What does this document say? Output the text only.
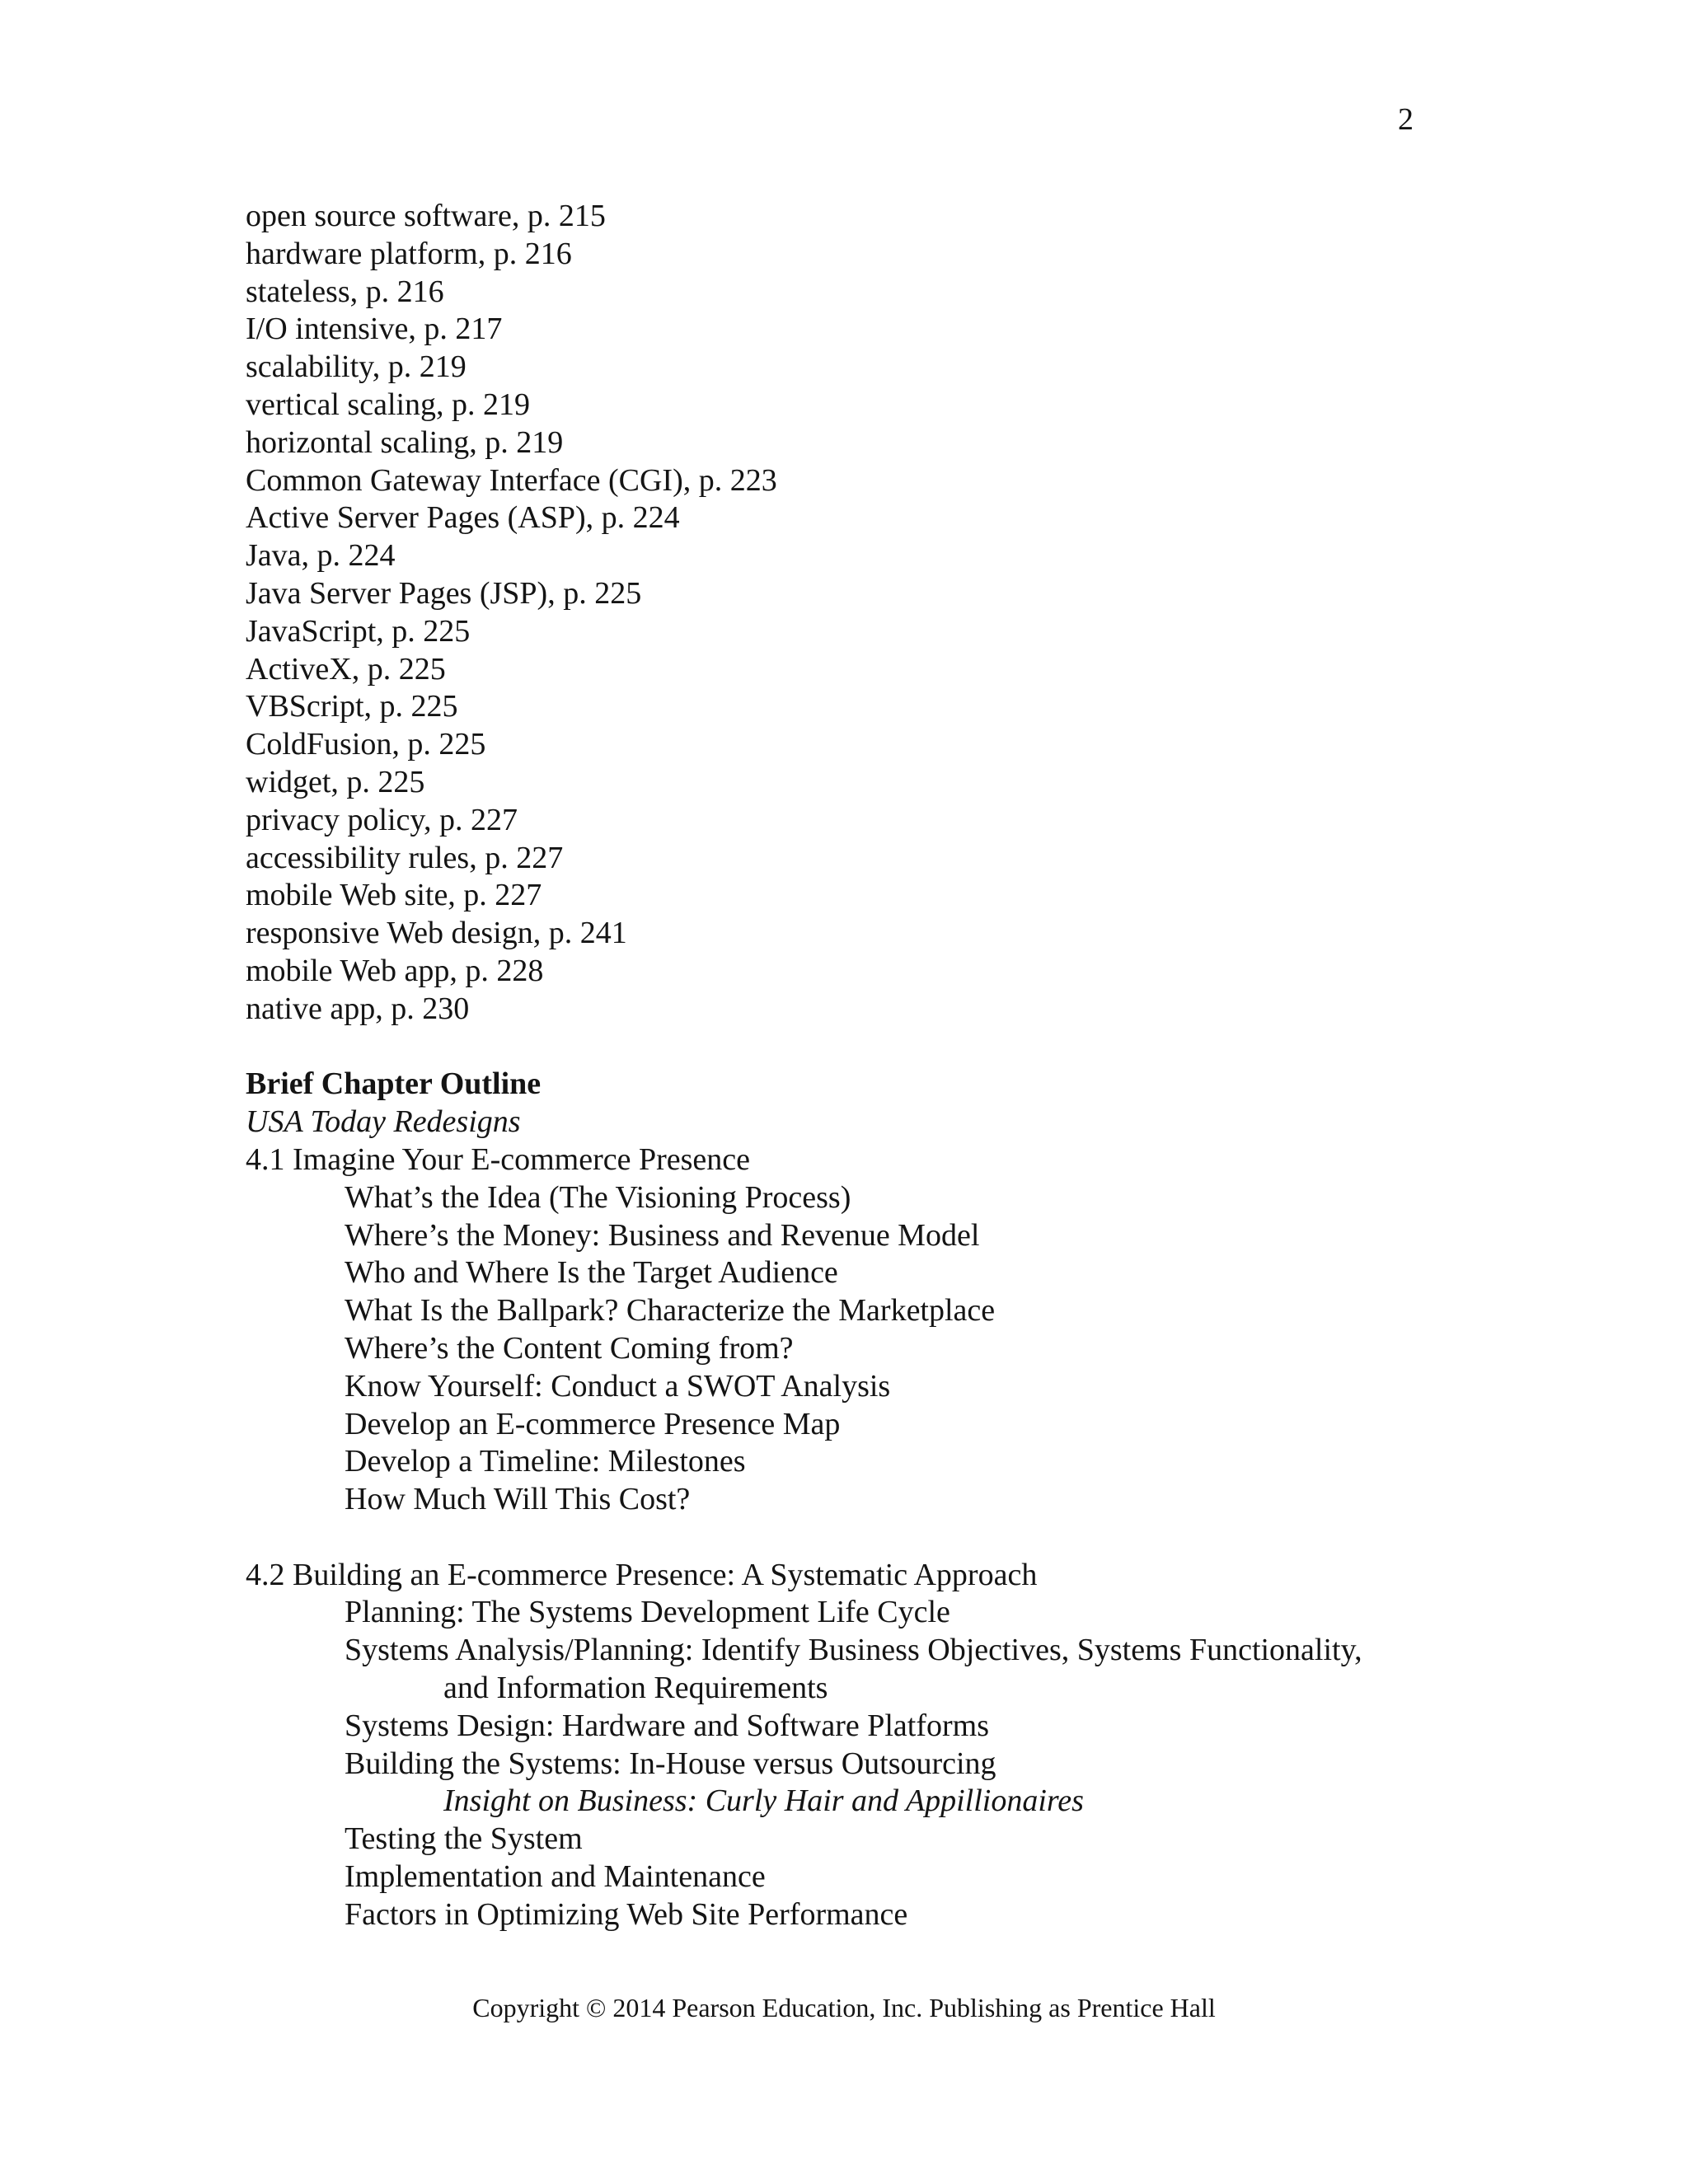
2
open source software, p. 215
hardware platform, p. 216
stateless, p. 216
I/O intensive, p. 217
scalability, p. 219
vertical scaling, p. 219
horizontal scaling, p. 219
Common Gateway Interface (CGI), p. 223
Active Server Pages (ASP), p. 224
Java, p. 224
Java Server Pages (JSP), p. 225
JavaScript, p. 225
ActiveX, p. 225
VBScript, p. 225
ColdFusion, p. 225
widget, p. 225
privacy policy, p. 227
accessibility rules, p. 227
mobile Web site, p. 227
responsive Web design, p. 241
mobile Web app, p. 228
native app, p. 230
Brief Chapter Outline
USA Today Redesigns
4.1 Imagine Your E-commerce Presence
What’s the Idea (The Visioning Process)
Where’s the Money: Business and Revenue Model
Who and Where Is the Target Audience
What Is the Ballpark? Characterize the Marketplace
Where’s the Content Coming from?
Know Yourself: Conduct a SWOT Analysis
Develop an E-commerce Presence Map
Develop a Timeline: Milestones
How Much Will This Cost?
4.2 Building an E-commerce Presence: A Systematic Approach
Planning: The Systems Development Life Cycle
Systems Analysis/Planning: Identify Business Objectives, Systems Functionality,
and Information Requirements
Systems Design: Hardware and Software Platforms
Building the Systems: In-House versus Outsourcing
Insight on Business: Curly Hair and Appillionaires
Testing the System
Implementation and Maintenance
Factors in Optimizing Web Site Performance
Copyright © 2014 Pearson Education, Inc. Publishing as Prentice Hall
